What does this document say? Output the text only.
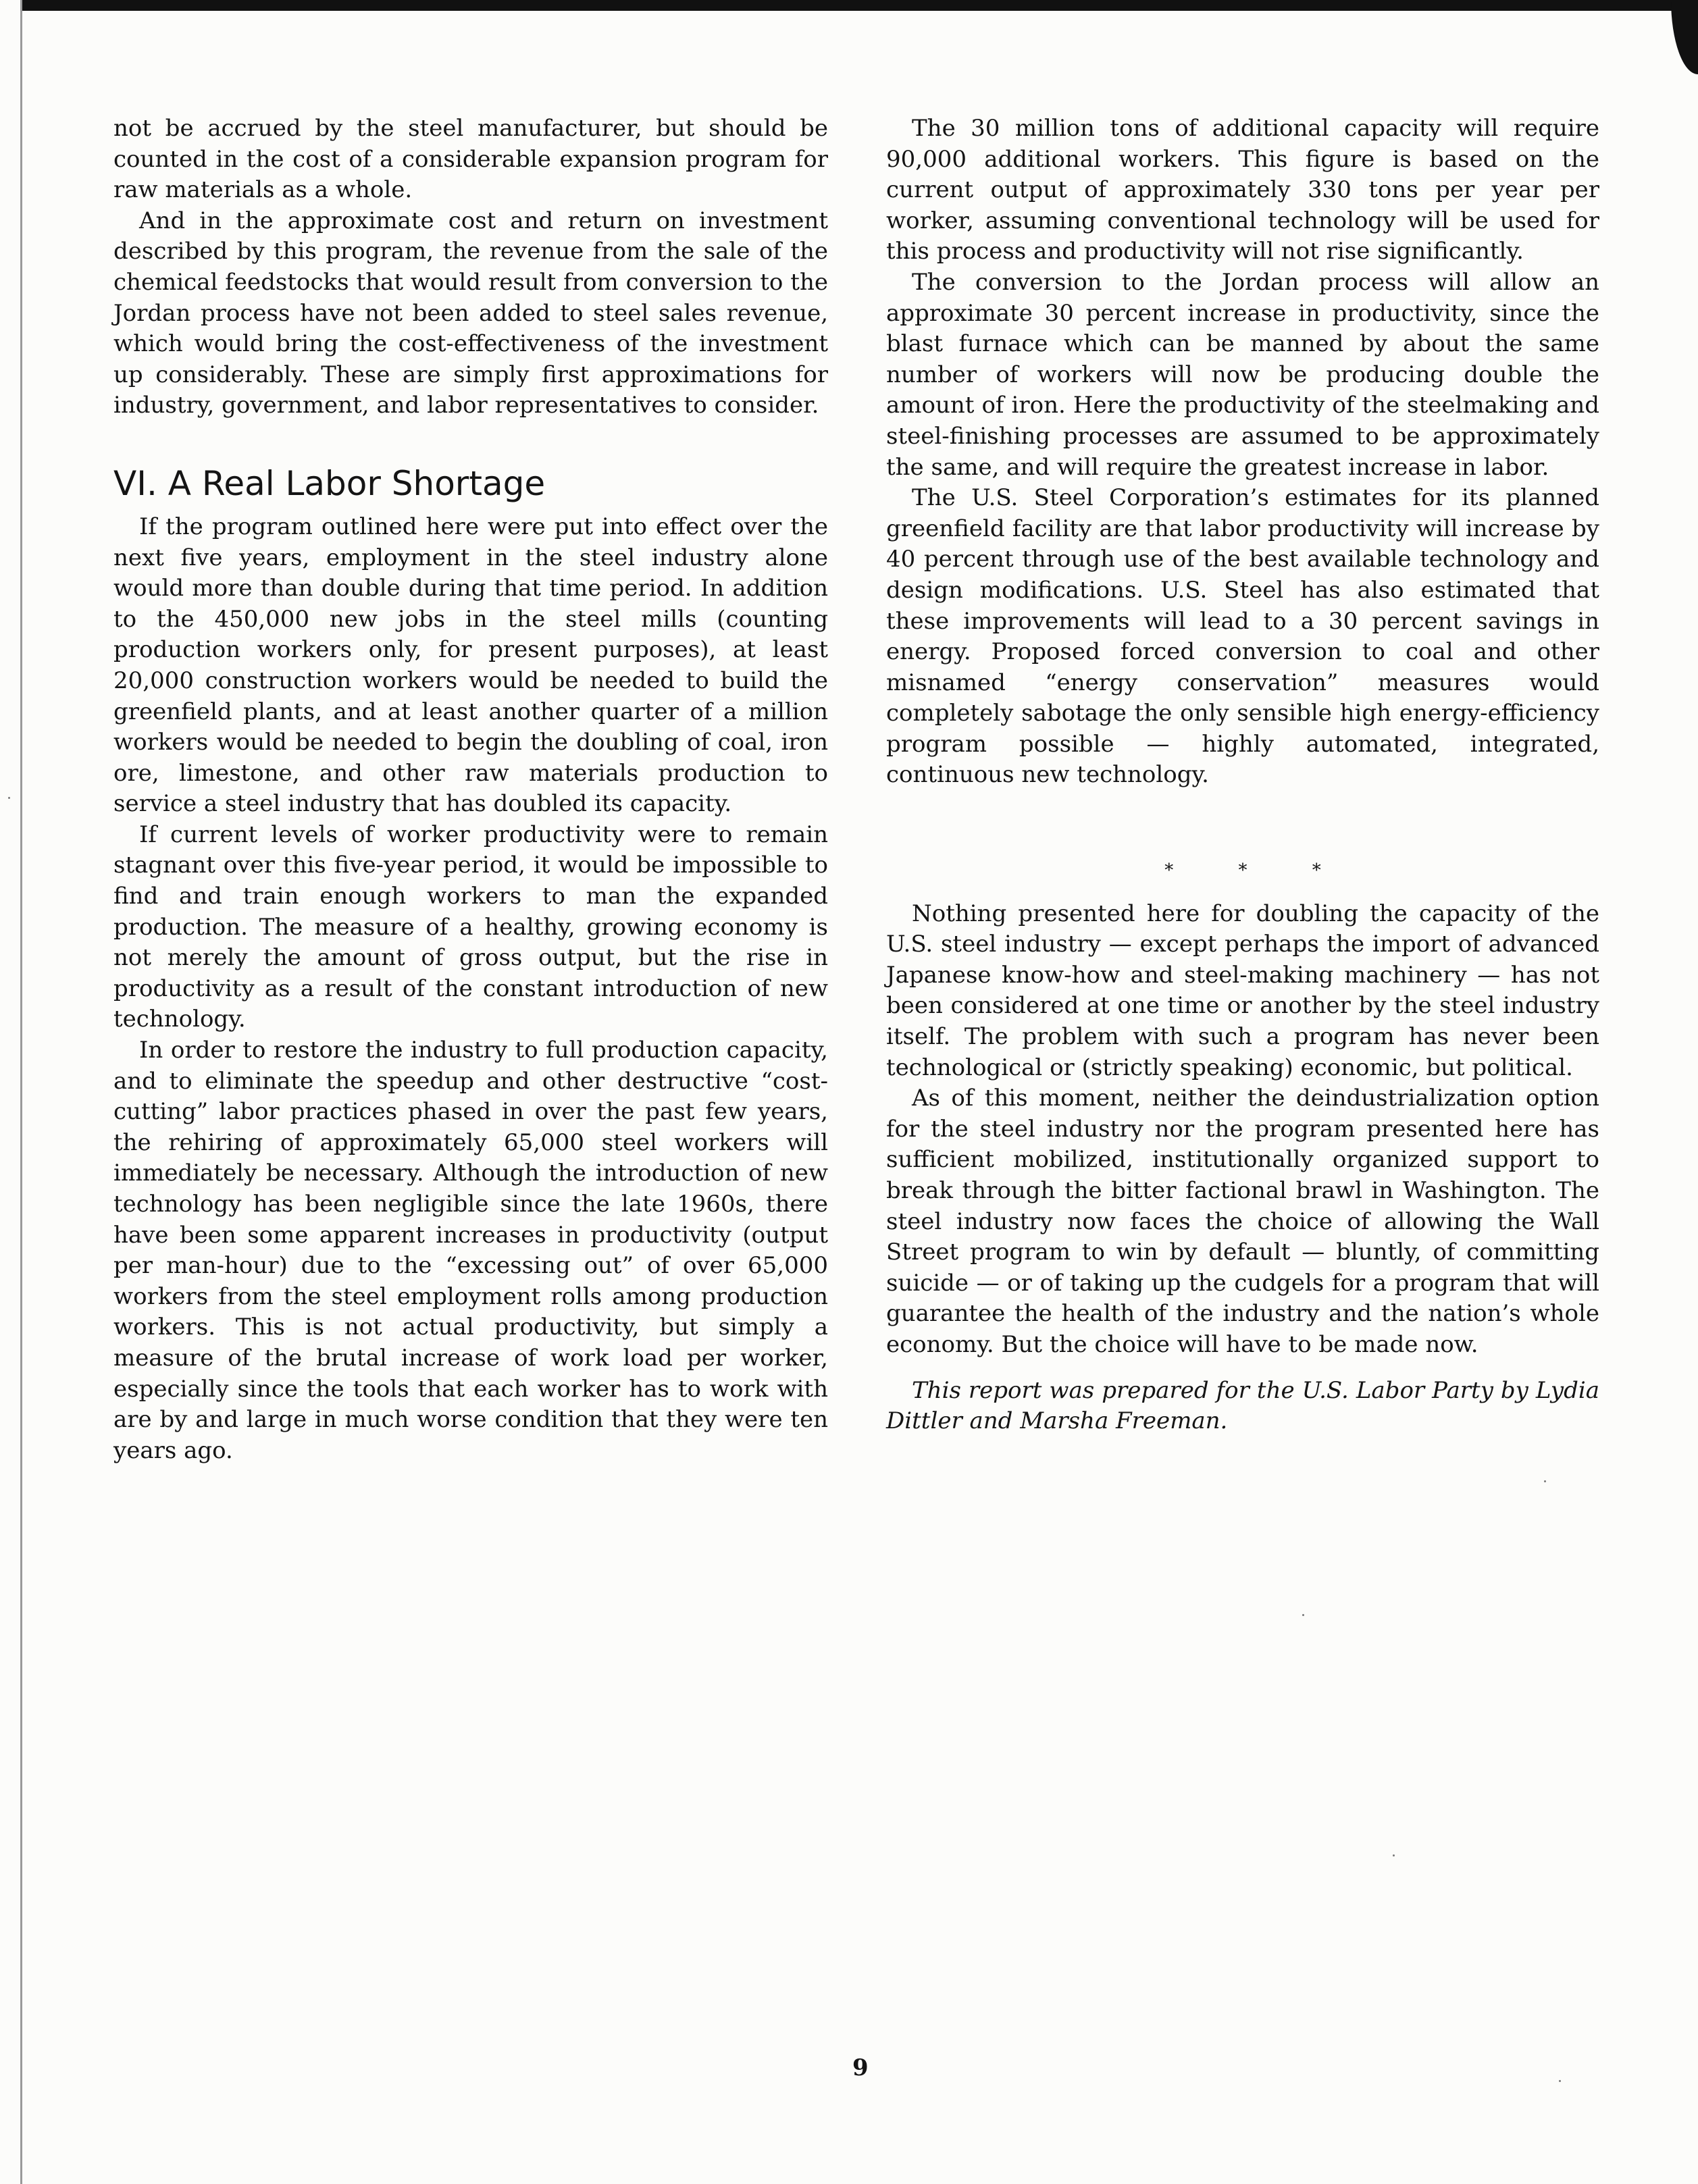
not be accrued by the steel manufacturer, but should be counted in the cost of a considerable expansion program for raw materials as a whole.

And in the approximate cost and return on investment described by this program, the revenue from the sale of the chemical feedstocks that would result from conversion to the Jordan process have not been added to steel sales revenue, which would bring the cost-effectiveness of the investment up considerably. These are simply first approximations for industry, government, and labor representatives to consider.

VI. A Real Labor Shortage

If the program outlined here were put into effect over the next five years, employment in the steel industry alone would more than double during that time period. In addition to the 450,000 new jobs in the steel mills (counting production workers only, for present purposes), at least 20,000 construction workers would be needed to build the greenfield plants, and at least another quarter of a million workers would be needed to begin the doubling of coal, iron ore, limestone, and other raw materials production to service a steel industry that has doubled its capacity.

If current levels of worker productivity were to remain stagnant over this five-year period, it would be impossible to find and train enough workers to man the expanded production. The measure of a healthy, growing economy is not merely the amount of gross output, but the rise in productivity as a result of the constant introduction of new technology.

In order to restore the industry to full production capacity, and to eliminate the speedup and other destructive “cost-cutting” labor practices phased in over the past few years, the rehiring of approximately 65,000 steel workers will immediately be necessary. Although the introduction of new technology has been negligible since the late 1960s, there have been some apparent increases in productivity (output per man-hour) due to the “excessing out” of over 65,000 workers from the steel employment rolls among production workers. This is not actual productivity, but simply a measure of the brutal increase of work load per worker, especially since the tools that each worker has to work with are by and large in much worse condition that they were ten years ago.

The 30 million tons of additional capacity will require 90,000 additional workers. This figure is based on the current output of approximately 330 tons per year per worker, assuming conventional technology will be used for this process and productivity will not rise significantly.

The conversion to the Jordan process will allow an approximate 30 percent increase in productivity, since the blast furnace which can be manned by about the same number of workers will now be producing double the amount of iron. Here the productivity of the steelmaking and steel-finishing processes are assumed to be approximately the same, and will require the greatest increase in labor.

The U.S. Steel Corporation’s estimates for its planned greenfield facility are that labor productivity will increase by 40 percent through use of the best available technology and design modifications. U.S. Steel has also estimated that these improvements will lead to a 30 percent savings in energy. Proposed forced conversion to coal and other misnamed “energy conservation” measures would completely sabotage the only sensible high energy-efficiency program possible — highly automated, integrated, continuous new technology.

* * *

Nothing presented here for doubling the capacity of the U.S. steel industry — except perhaps the import of advanced Japanese know-how and steel-making machinery — has not been considered at one time or another by the steel industry itself. The problem with such a program has never been technological or (strictly speaking) economic, but political.

As of this moment, neither the deindustrialization option for the steel industry nor the program presented here has sufficient mobilized, institutionally organized support to break through the bitter factional brawl in Washington. The steel industry now faces the choice of allowing the Wall Street program to win by default — bluntly, of committing suicide — or of taking up the cudgels for a program that will guarantee the health of the industry and the nation’s whole economy. But the choice will have to be made now.

This report was prepared for the U.S. Labor Party by Lydia Dittler and Marsha Freeman.

9
